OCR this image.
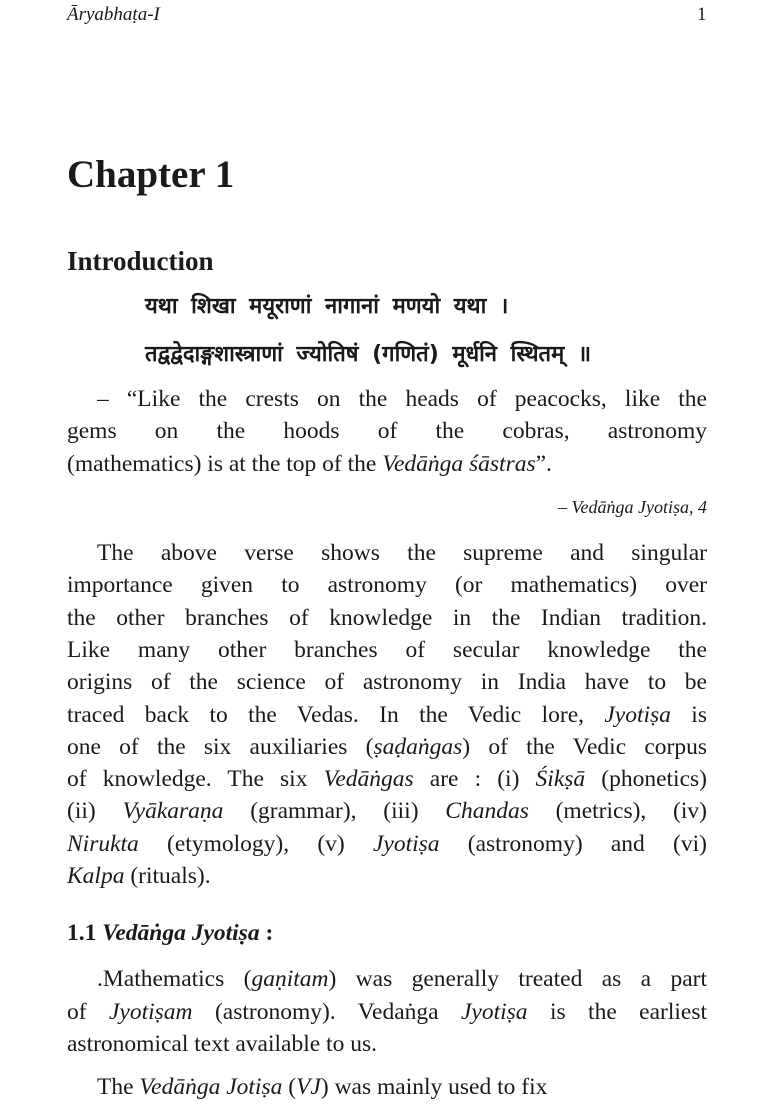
Āryabhaṭa-I	1
Chapter 1
Introduction
यथा शिखा मयूराणां नागानां मणयो यथा ।
तद्वद्वेदाङ्गशास्त्राणां ज्योतिषं (गणितं) मूर्धनि स्थितम् ॥
– Vedāṅga Jyotiṣa, 4
1.1 Vedāṅga Jyotiṣa :
– “Like the crests on the heads of peacocks, like the
gems on the hoods of the cobras, astronomy
(mathematics) is at the top of the Vedāṅga śāstras”.
The above verse shows the supreme and singular
importance given to astronomy (or mathematics) over
the other branches of knowledge in the Indian tradition.
Like many other branches of secular knowledge the
origins of the science of astronomy in India have to be
traced back to the Vedas. In the Vedic lore, Jyotiṣa is
one of the six auxiliaries (ṣaḍaṅgas) of the Vedic corpus
of knowledge. The six Vedāṅgas are : (i) Śikṣā (phonetics)
(ii) Vyākaraṇa (grammar), (iii) Chandas (metrics), (iv)
Nirukta (etymology), (v) Jyotiṣa (astronomy) and (vi)
Kalpa (rituals).
.Mathematics (gaṇitam) was generally treated as a part
of Jyotiṣam (astronomy). Vedaṅga Jyotiṣa is the earliest
astronomical text available to us.
The Vedāṅga Jotiṣa (VJ) was mainly used to fix
